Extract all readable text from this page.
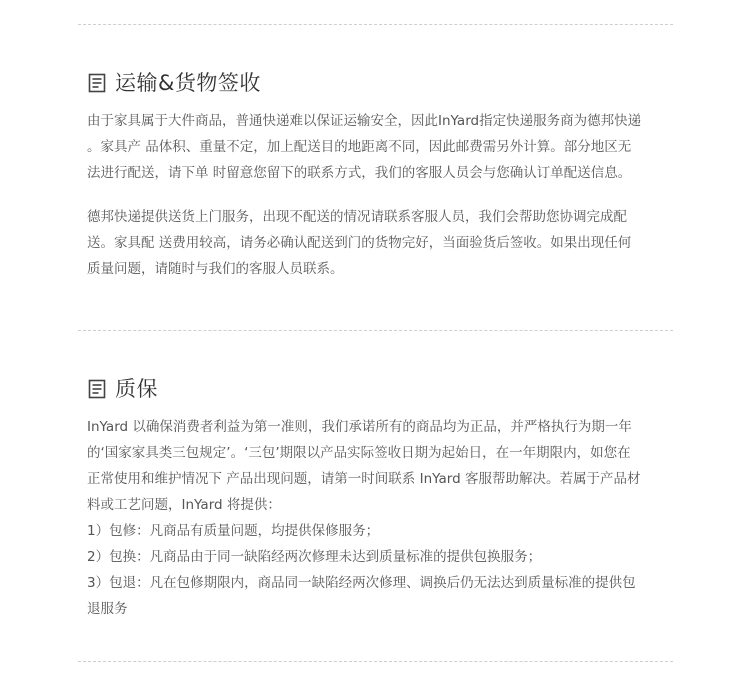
运输&货物签收
由于家具属于大件商品，普通快递难以保证运输安全，因此InYard指定快递服务商为德邦快递
。家具产 品体积、重量不定，加上配送目的地距离不同，因此邮费需另外计算。部分地区无
法进行配送，请下单 时留意您留下的联系方式，我们的客服人员会与您确认订单配送信息。
德邦快递提供送货上门服务，出现不配送的情况请联系客服人员，我们会帮助您协调完成配
送。家具配 送费用较高，请务必确认配送到门的货物完好，当面验货后签收。如果出现任何
质量问题，请随时与我们的客服人员联系。
质保
InYard 以确保消费者利益为第一准则，我们承诺所有的商品均为正品，并严格执行为期一年
的‘国家家具类三包规定’。‘三包’期限以产品实际签收日期为起始日，在一年期限内，如您在
正常使用和维护情况下 产品出现问题，请第一时间联系 InYard 客服帮助解决。若属于产品材
料或工艺问题，InYard 将提供：
1）包修：凡商品有质量问题，均提供保修服务；
2）包换：凡商品由于同一缺陷经两次修理未达到质量标准的提供包换服务；
3）包退：凡在包修期限内，商品同一缺陷经两次修理、调换后仍无法达到质量标准的提供包
退服务
